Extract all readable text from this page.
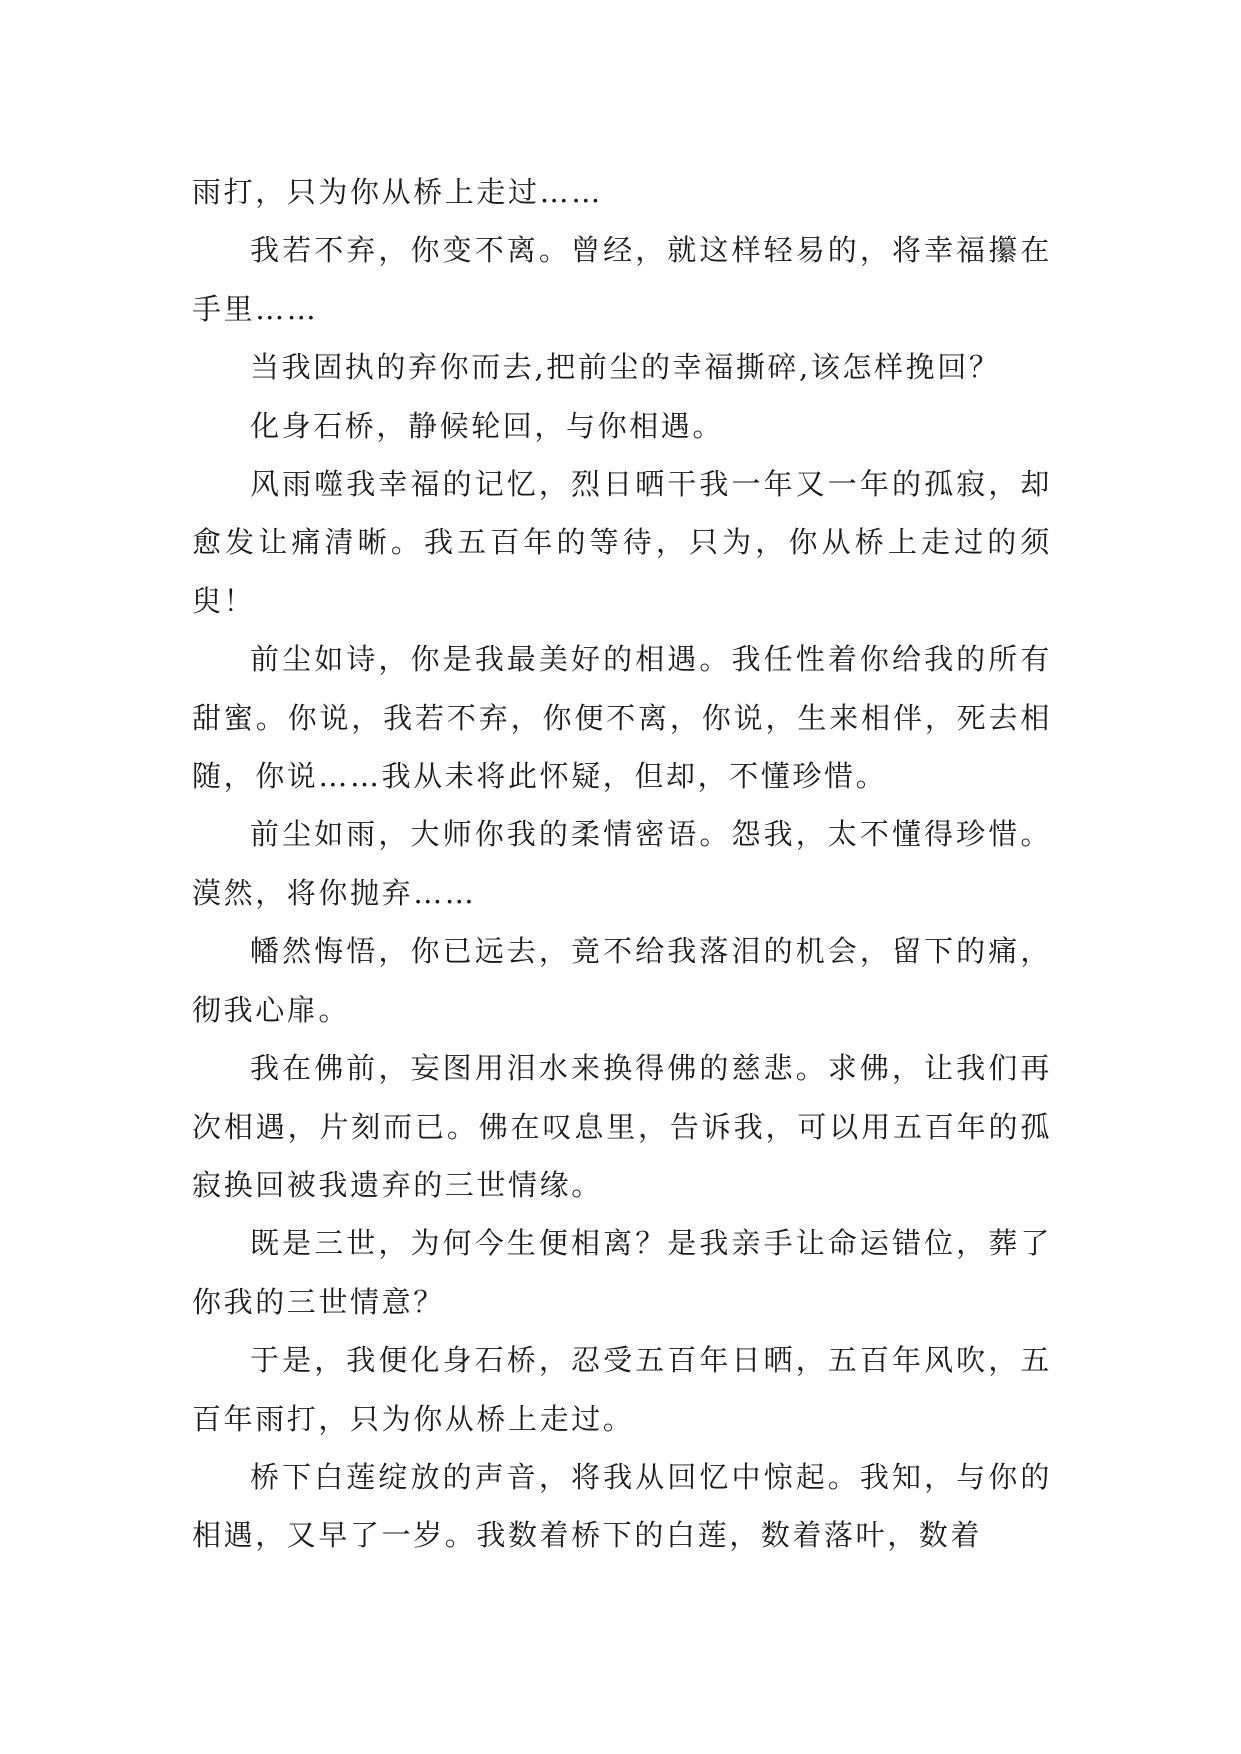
雨打，只为你从桥上走过……

我若不弃，你变不离。曾经，就这样轻易的，将幸福攥在手里……

当我固执的弃你而去,把前尘的幸福撕碎,该怎样挽回？

化身石桥，静候轮回，与你相遇。

风雨噬我幸福的记忆，烈日晒干我一年又一年的孤寂，却愈发让痛清晰。我五百年的等待，只为，你从桥上走过的须臾！

前尘如诗，你是我最美好的相遇。我任性着你给我的所有甜蜜。你说，我若不弃，你便不离，你说，生来相伴，死去相随，你说……我从未将此怀疑，但却，不懂珍惜。

前尘如雨，大师你我的柔情密语。怨我，太不懂得珍惜。漠然，将你抛弃……

幡然悔悟，你已远去，竟不给我落泪的机会，留下的痛，彻我心扉。

我在佛前，妄图用泪水来换得佛的慈悲。求佛，让我们再次相遇，片刻而已。佛在叹息里，告诉我，可以用五百年的孤寂换回被我遗弃的三世情缘。

既是三世，为何今生便相离？是我亲手让命运错位，葬了你我的三世情意？

于是，我便化身石桥，忍受五百年日晒，五百年风吹，五百年雨打，只为你从桥上走过。

桥下白莲绽放的声音，将我从回忆中惊起。我知，与你的相遇，又早了一岁。我数着桥下的白莲，数着落叶，数着
